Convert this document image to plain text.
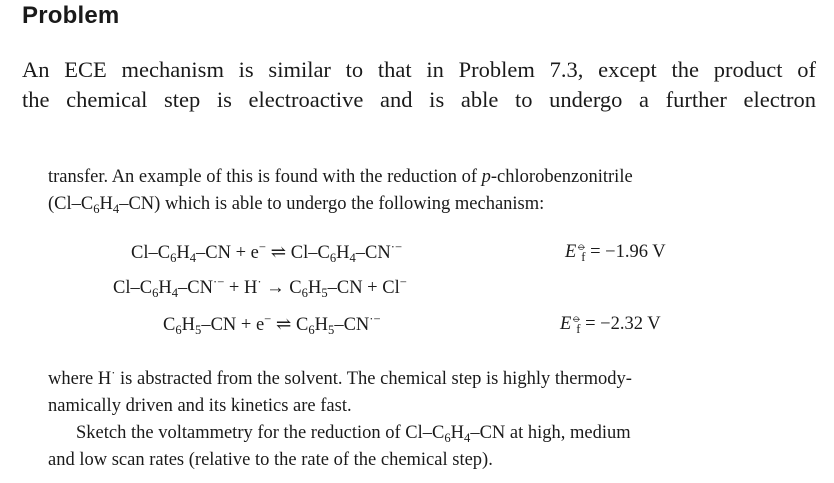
Problem
An ECE mechanism is similar to that in Problem 7.3, except the product of
the chemical step is electroactive and is able to undergo a further electron
transfer. An example of this is found with the reduction of p-chlorobenzonitrile
$(Cl-C_6H_4-CN)$ which is able to undergo the following mechanism:
$Cl-C_6H_4-CN + e^-$ ⇌ $Cl-C_6H_4-CN^{\cdot-}$	$E^⦵_f = -1.96$ V
$Cl-C_6H_4-CN^{\cdot-} + H^\cdot \to C_6H_5-CN + Cl^-$
$C_6H_5-CN + e^-$ ⇌ $C_6H_5-CN^{\cdot-}$	$E^⦵_f = -2.32$ V
where H· is abstracted from the solvent. The chemical step is highly thermody-
namically driven and its kinetics are fast.
Sketch the voltammetry for the reduction of $Cl-C_6H_4-CN$ at high, medium
and low scan rates (relative to the rate of the chemical step).
